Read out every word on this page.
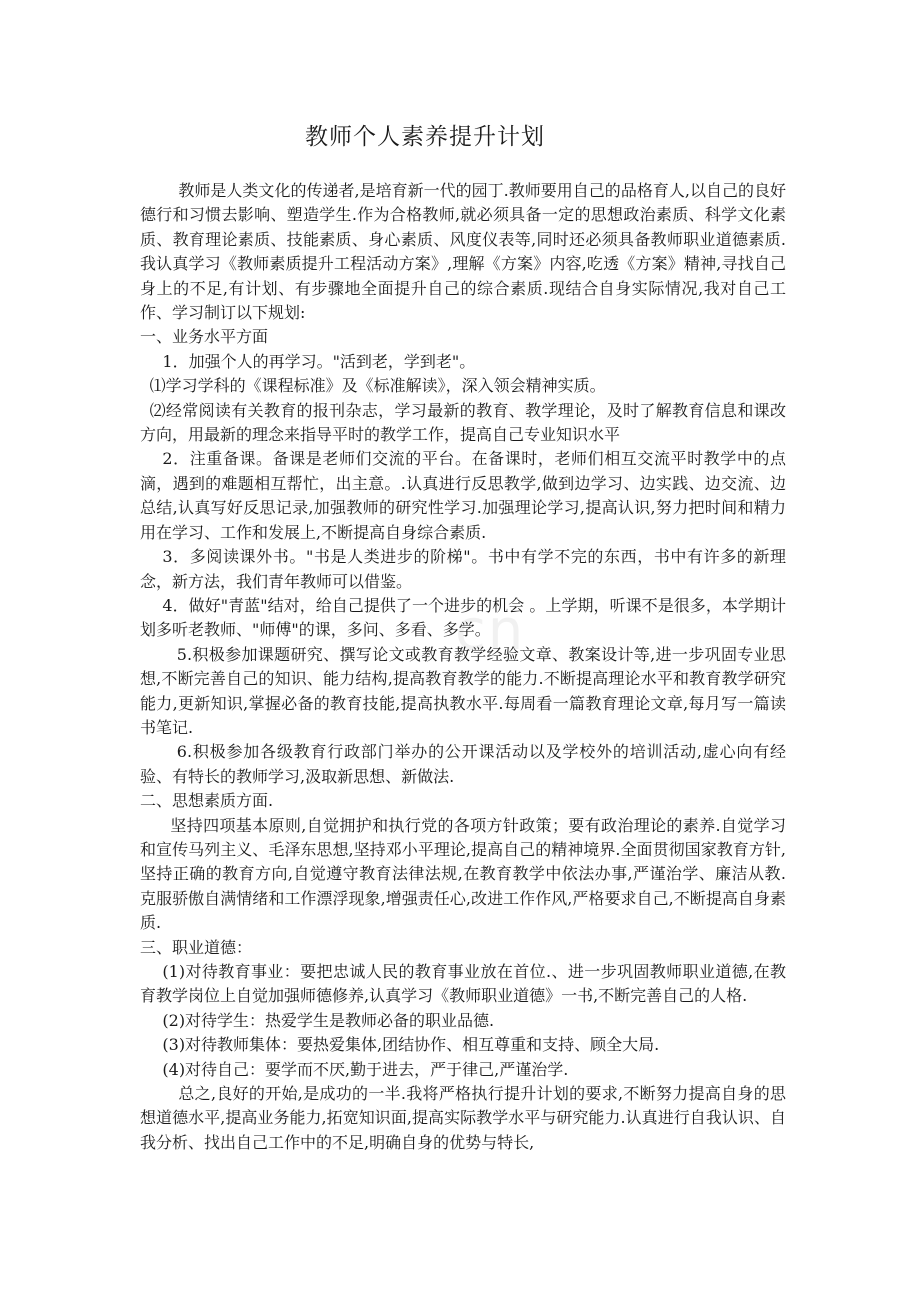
教师个人素养提升计划
cn

教师是人类文化的传递者,是培育新一代的园丁.教师要用自己的品格育人,以自己的良好德行和习惯去影响、塑造学生.作为合格教师,就必须具备一定的思想政治素质、科学文化素质、教育理论素质、技能素质、身心素质、风度仪表等,同时还必须具备教师职业道德素质.我认真学习《教师素质提升工程活动方案》,理解《方案》内容,吃透《方案》精神,寻找自己身上的不足,有计划、有步骤地全面提升自己的综合素质.现结合自身实际情况,我对自己工作、学习制订以下规划:

一、业务水平方面

1．加强个人的再学习。"活到老，学到老"。

⑴学习学科的《课程标准》及《标准解读》，深入领会精神实质。

⑵经常阅读有关教育的报刊杂志，学习最新的教育、教学理论，及时了解教育信息和课改方向，用最新的理念来指导平时的教学工作，提高自己专业知识水平

2．注重备课。备课是老师们交流的平台。在备课时，老师们相互交流平时教学中的点滴，遇到的难题相互帮忙，出主意。.认真进行反思教学,做到边学习、边实践、边交流、边总结,认真写好反思记录,加强教师的研究性学习.加强理论学习,提高认识,努力把时间和精力用在学习、工作和发展上,不断提高自身综合素质.

3．多阅读课外书。"书是人类进步的阶梯"。书中有学不完的东西，书中有许多的新理念，新方法，我们青年教师可以借鉴。

4．做好"青蓝"结对，给自己提供了一个进步的机会 。上学期，听课不是很多，本学期计划多听老教师、"师傅"的课，多问、多看、多学。

5.积极参加课题研究、撰写论文或教育教学经验文章、教案设计等,进一步巩固专业思想,不断完善自己的知识、能力结构,提高教育教学的能力.不断提高理论水平和教育教学研究能力,更新知识,掌握必备的教育技能,提高执教水平.每周看一篇教育理论文章,每月写一篇读书笔记.

6.积极参加各级教育行政部门举办的公开课活动以及学校外的培训活动,虚心向有经验、有特长的教师学习,汲取新思想、新做法.

二、思想素质方面.

坚持四项基本原则,自觉拥护和执行党的各项方针政策；要有政治理论的素养.自觉学习和宣传马列主义、毛泽东思想,坚持邓小平理论,提高自己的精神境界.全面贯彻国家教育方针,坚持正确的教育方向,自觉遵守教育法律法规,在教育教学中依法办事,严谨治学、廉洁从教. 克服骄傲自满情绪和工作漂浮现象,增强责任心,改进工作作风,严格要求自己,不断提高自身素质.

三、职业道德：

(1)对待教育事业：要把忠诚人民的教育事业放在首位.、进一步巩固教师职业道德,在教育教学岗位上自觉加强师德修养,认真学习《教师职业道德》一书,不断完善自己的人格.

(2)对待学生：热爱学生是教师必备的职业品德.

(3)对待教师集体：要热爱集体,团结协作、相互尊重和支持、顾全大局.

(4)对待自己：要学而不厌,勤于进去，严于律己,严谨治学.

总之,良好的开始,是成功的一半.我将严格执行提升计划的要求,不断努力提高自身的思想道德水平,提高业务能力,拓宽知识面,提高实际教学水平与研究能力.认真进行自我认识、自我分析、找出自己工作中的不足,明确自身的优势与特长,
